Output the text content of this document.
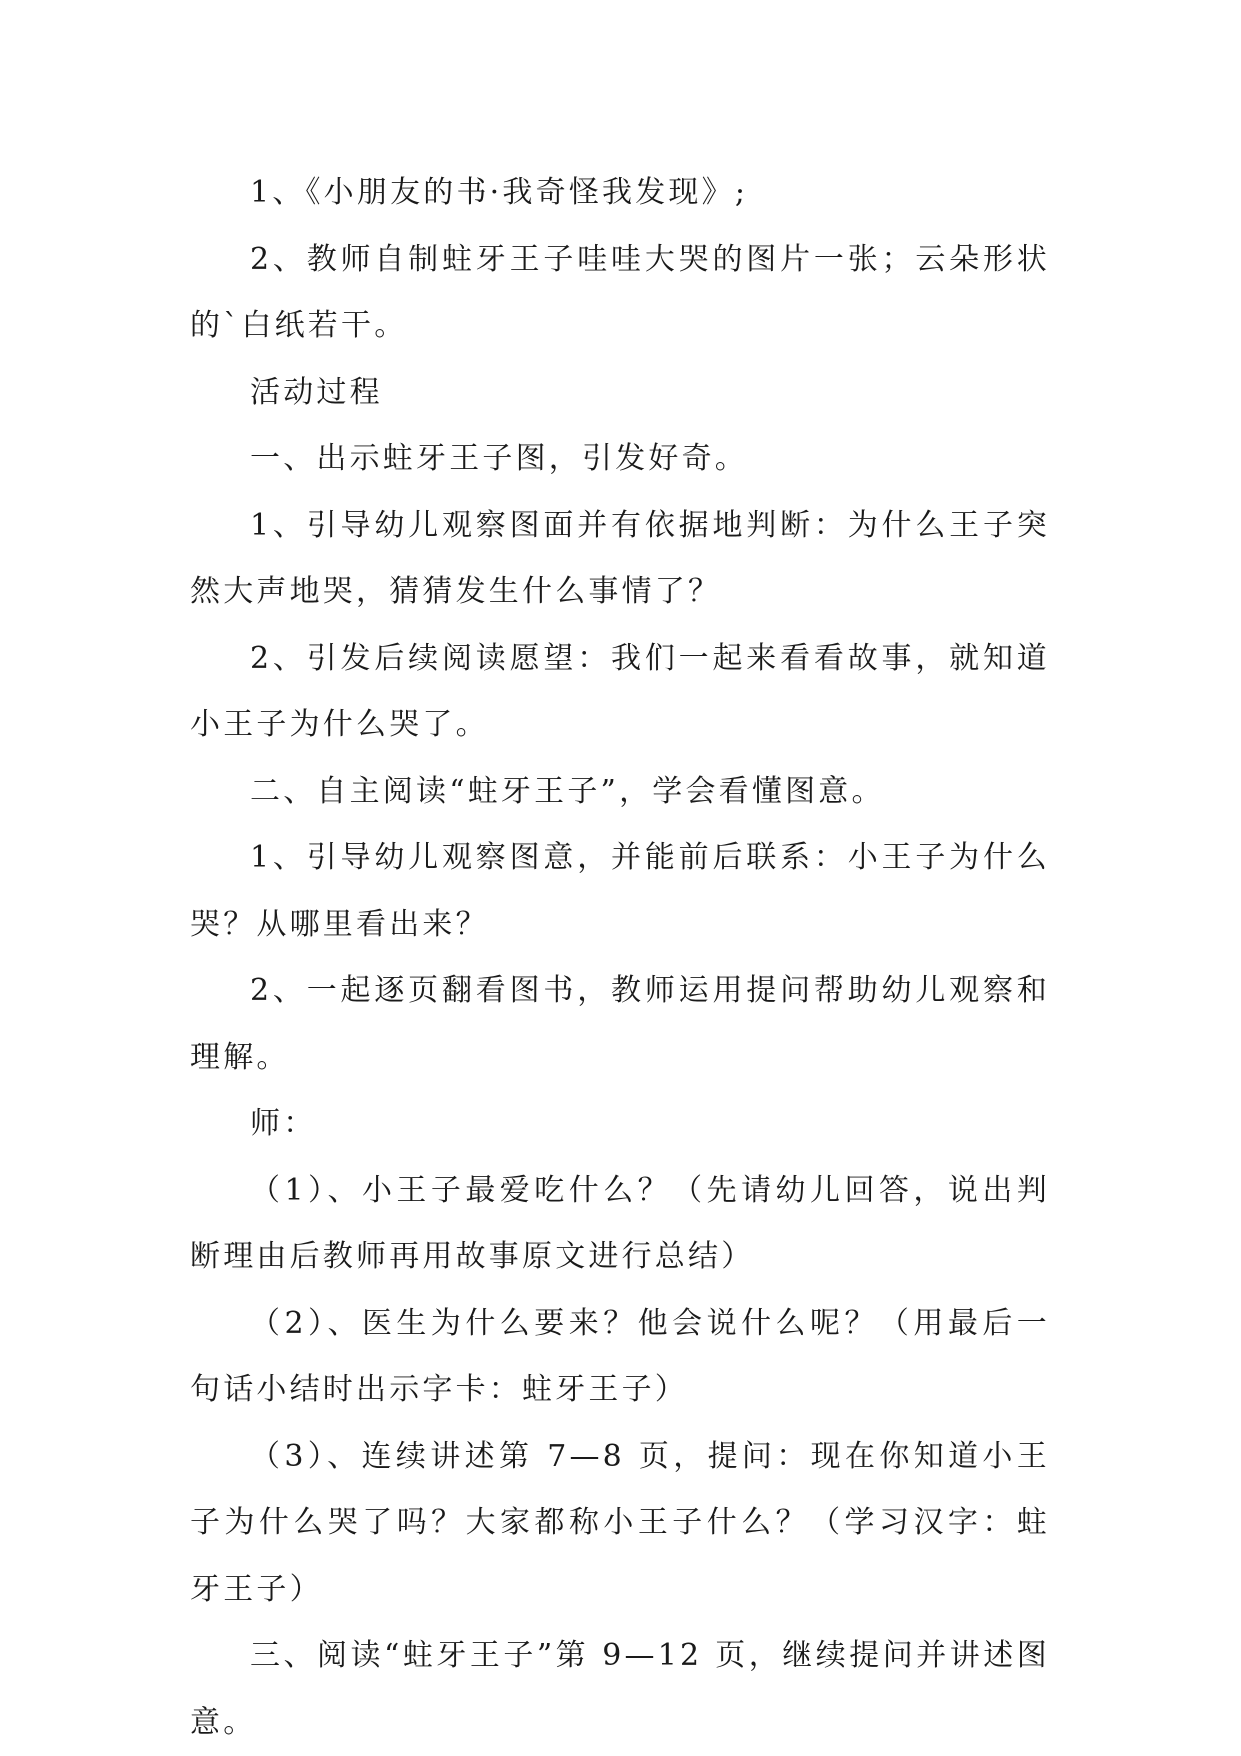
1、《小朋友的书·我奇怪我发现》;

2、教师自制蛀牙王子哇哇大哭的图片一张；云朵形状的`白纸若干。

活动过程

一、出示蛀牙王子图，引发好奇。

1、引导幼儿观察图面并有依据地判断：为什么王子突然大声地哭，猜猜发生什么事情了？

2、引发后续阅读愿望：我们一起来看看故事，就知道小王子为什么哭了。

二、自主阅读“蛀牙王子”，学会看懂图意。

1、引导幼儿观察图意，并能前后联系：小王子为什么哭？从哪里看出来？

2、一起逐页翻看图书，教师运用提问帮助幼儿观察和理解。

师：

（1）、小王子最爱吃什么？（先请幼儿回答，说出判断理由后教师再用故事原文进行总结）

（2）、医生为什么要来？他会说什么呢？（用最后一句话小结时出示字卡：蛀牙王子）

（3）、连续讲述第 7—8 页，提问：现在你知道小王子为什么哭了吗？大家都称小王子什么？（学习汉字：蛀牙王子）

三、阅读“蛀牙王子”第 9—12 页，继续提问并讲述图意。
